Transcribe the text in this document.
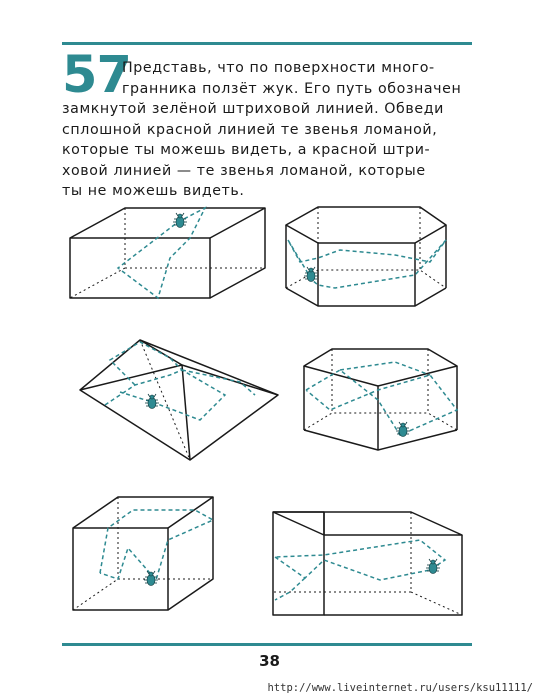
57
Представь, что по поверхности много-
гранника ползёт жук. Его путь обозначен
замкнутой зелёной штриховой линией. Обведи
сплошной красной линией те звенья ломаной,
которые ты можешь видеть, а красной штри-
ховой линией — те звенья ломаной, которые
ты не можешь видеть.
38
http://www.liveinternet.ru/users/ksu11111/
